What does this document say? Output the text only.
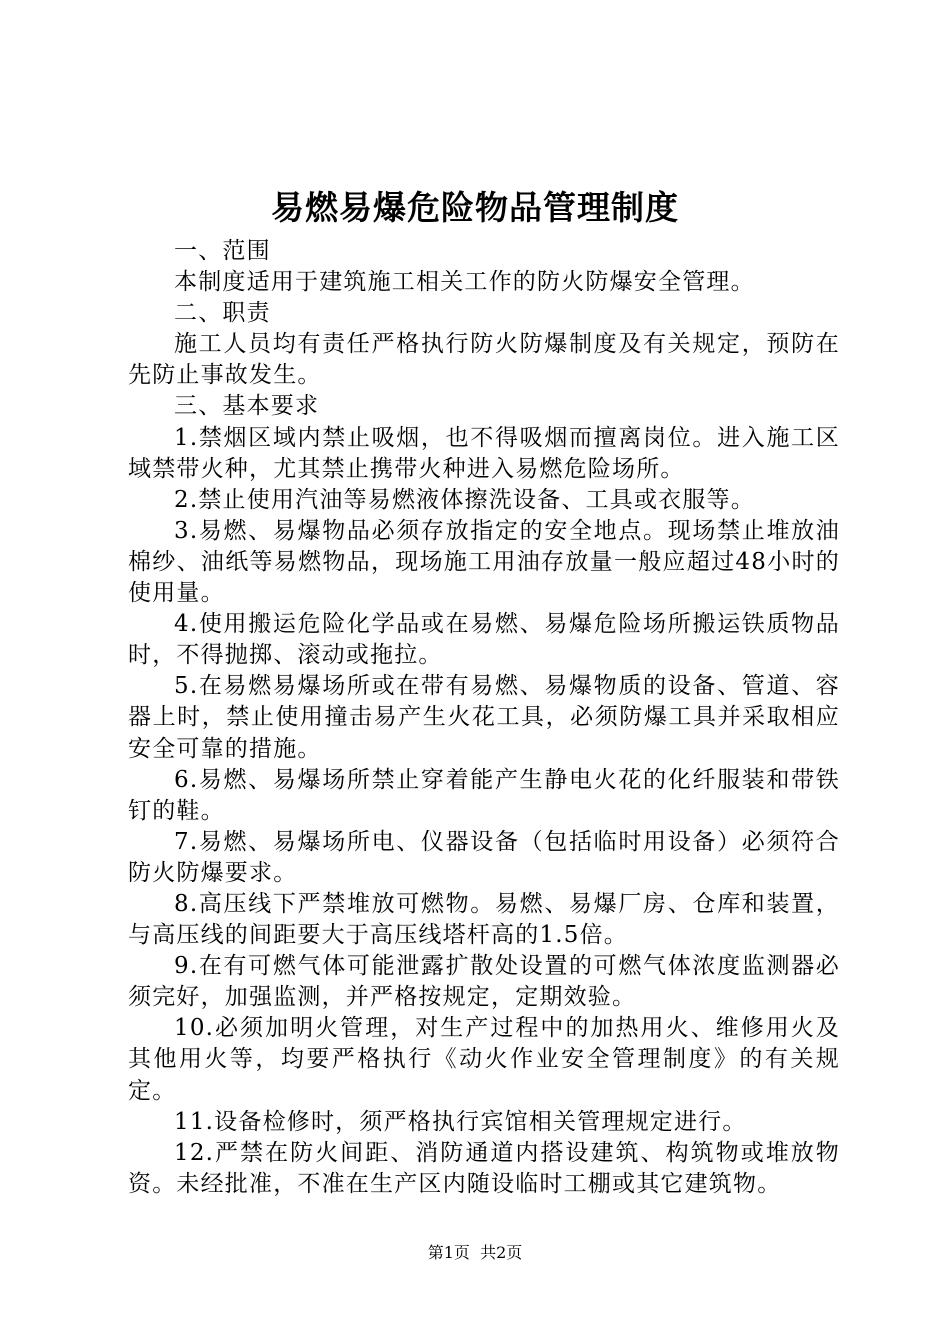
易燃易爆危险物品管理制度

一、范围

本制度适用于建筑施工相关工作的防火防爆安全管理。

二、职责

施工人员均有责任严格执行防火防爆制度及有关规定，预防在先防止事故发生。

三、基本要求

1.禁烟区域内禁止吸烟，也不得吸烟而擅离岗位。进入施工区域禁带火种，尤其禁止携带火种进入易燃危险场所。

2.禁止使用汽油等易燃液体擦洗设备、工具或衣服等。

3.易燃、易爆物品必须存放指定的安全地点。现场禁止堆放油棉纱、油纸等易燃物品，现场施工用油存放量一般应超过48小时的使用量。

4.使用搬运危险化学品或在易燃、易爆危险场所搬运铁质物品时，不得抛掷、滚动或拖拉。

5.在易燃易爆场所或在带有易燃、易爆物质的设备、管道、容器上时，禁止使用撞击易产生火花工具，必须防爆工具并采取相应安全可靠的措施。

6.易燃、易爆场所禁止穿着能产生静电火花的化纤服装和带铁钉的鞋。

7.易燃、易爆场所电、仪器设备（包括临时用设备）必须符合防火防爆要求。

8.高压线下严禁堆放可燃物。易燃、易爆厂房、仓库和装置，与高压线的间距要大于高压线塔杆高的1.5倍。

9.在有可燃气体可能泄露扩散处设置的可燃气体浓度监测器必须完好，加强监测，并严格按规定，定期效验。

10.必须加明火管理，对生产过程中的加热用火、维修用火及其他用火等，均要严格执行《动火作业安全管理制度》的有关规定。

11.设备检修时，须严格执行宾馆相关管理规定进行。

12.严禁在防火间距、消防通道内搭设建筑、构筑物或堆放物资。未经批准，不准在生产区内随设临时工棚或其它建筑物。

第1页 共2页
